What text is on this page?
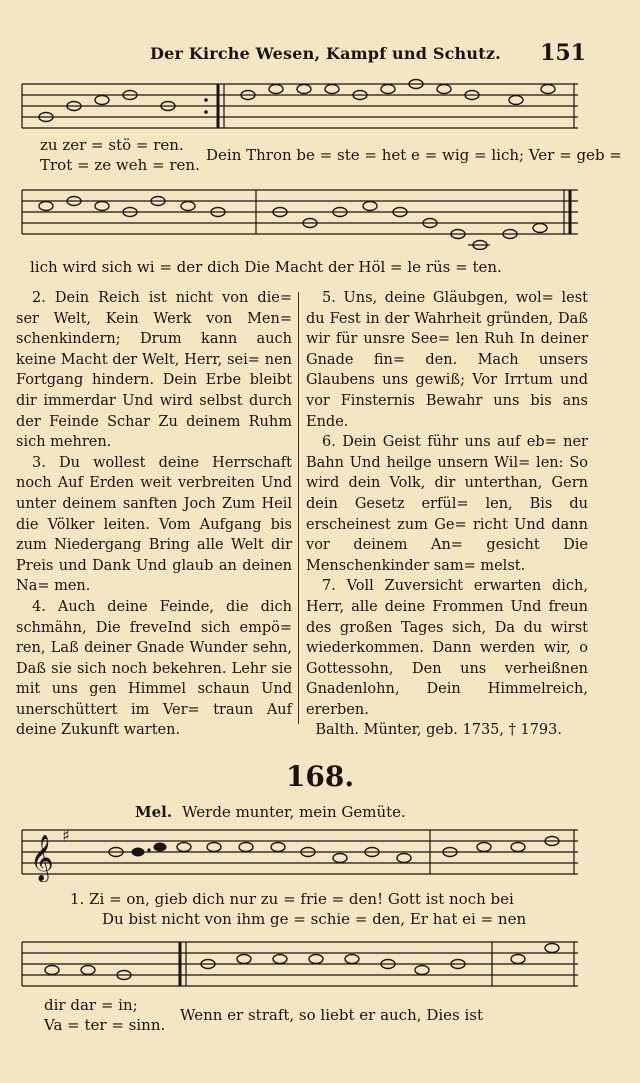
Der Kirche Wesen, Kampf und Schutz. 151
zu zer = stö = ren.
Trot = ze weh = ren.
Dein Thron be = ste = het e = wig = lich; Ver = geb =
lich wird sich wi = der dich Die Macht der Höl = le rüs = ten.

2. Dein Reich ist nicht von die= ser Welt, Kein Werk von Men= schenkindern; Drum kann auch keine Macht der Welt, Herr, sei= nen Fortgang hindern. Dein Erbe bleibt dir immerdar Und wird selbst durch der Feinde Schar Zu deinem Ruhm sich mehren.

3. Du wollest deine Herrschaft noch Auf Erden weit verbreiten Und unter deinem sanften Joch Zum Heil die Völker leiten. Vom Aufgang bis zum Niedergang Bring alle Welt dir Preis und Dank Und glaub an deinen Na= men.

4. Auch deine Feinde, die dich schmähn, Die freveInd sich empö= ren, Laß deiner Gnade Wunder sehn, Daß sie sich noch bekehren. Lehr sie mit uns gen Himmel schaun Und unerschüttert im Ver= traun Auf deine Zukunft warten.

5. Uns, deine Gläubgen, wol= lest du Fest in der Wahrheit gründen, Daß wir für unsre See= len Ruh In deiner Gnade fin= den. Mach unsers Glaubens uns gewiß; Vor Irrtum und vor Finsternis Bewahr uns bis ans Ende.

6. Dein Geist führ uns auf eb= ner Bahn Und heilge unsern Wil= len: So wird dein Volk, dir unterthan, Gern dein Gesetz erfül= len, Bis du erscheinest zum Ge= richt Und dann vor deinem An= gesicht Die Menschenkinder sam= melst.

7. Voll Zuversicht erwarten dich, Herr, alle deine Frommen Und freun des großen Tages sich, Da du wirst wiederkommen. Dann werden wir, o Gottessohn, Den uns verheißnen Gnadenlohn, Dein Himmelreich, ererben.

Balth. Münter, geb. 1735, † 1793.
168.
Mel. Werde munter, mein Gemüte.
𝄞 ♯
1. Zi = on, gieb dich nur zu = frie = den! Gott ist noch bei
Du bist nicht von ihm ge = schie = den, Er hat ei = nen
dir dar = in;
Va = ter = sinn.
Wenn er straft, so liebt er auch, Dies ist
